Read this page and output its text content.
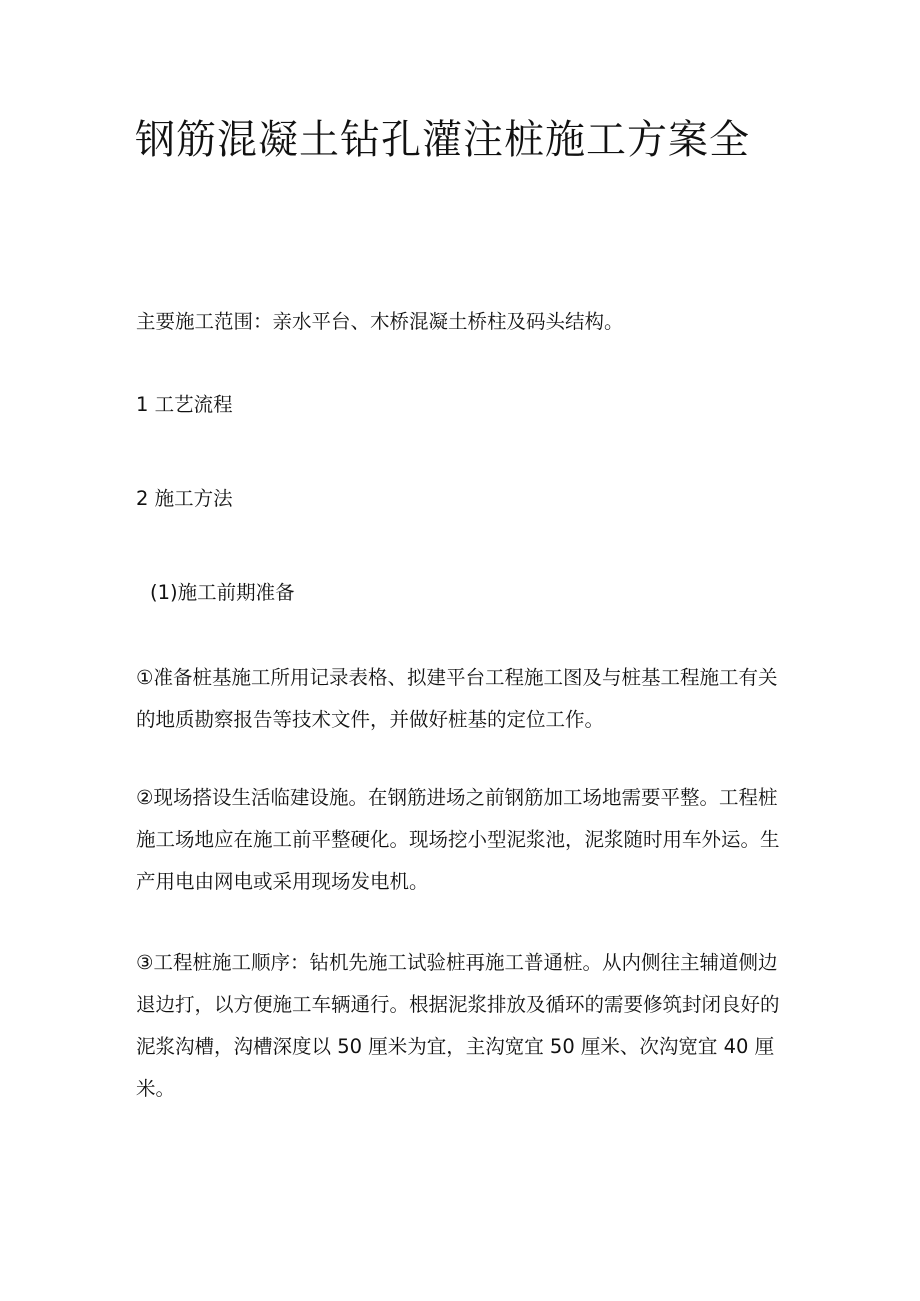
钢筋混凝土钻孔灌注桩施工方案全

主要施工范围：亲水平台、木桥混凝土桥柱及码头结构。

1 工艺流程

2 施工方法

(1)施工前期准备

①准备桩基施工所用记录表格、拟建平台工程施工图及与桩基工程施工有关的地质勘察报告等技术文件，并做好桩基的定位工作。

②现场搭设生活临建设施。在钢筋进场之前钢筋加工场地需要平整。工程桩施工场地应在施工前平整硬化。现场挖小型泥浆池，泥浆随时用车外运。生产用电由网电或采用现场发电机。

③工程桩施工顺序：钻机先施工试验桩再施工普通桩。从内侧往主辅道侧边退边打，以方便施工车辆通行。根据泥浆排放及循环的需要修筑封闭良好的泥浆沟槽，沟槽深度以 50 厘米为宜，主沟宽宜 50 厘米、次沟宽宜 40 厘米。
